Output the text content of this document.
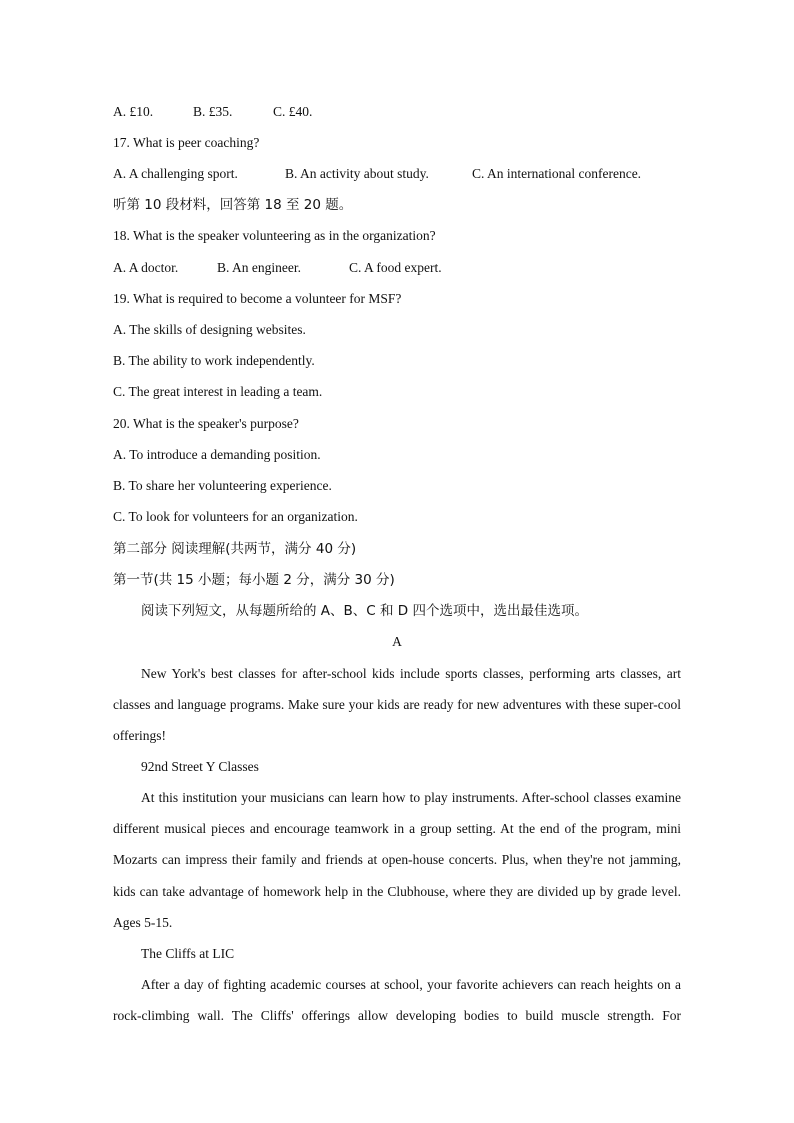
A. £10.	B. £35.	C. £40.
17. What is peer coaching?
A. A challenging sport.	B. An activity about study.	C. An international conference.
听第 10 段材料，回答第 18 至 20 题。
18. What is the speaker volunteering as in the organization?
A. A doctor.	B. An engineer.	C. A food expert.
19. What is required to become a volunteer for MSF?
A. The skills of designing websites.
B. The ability to work independently.
C. The great interest in leading a team.
20. What is the speaker's purpose?
A. To introduce a demanding position.
B. To share her volunteering experience.
C. To look for volunteers for an organization.
第二部分 阅读理解(共两节，满分 40 分)
第一节(共 15 小题；每小题 2 分，满分 30 分)
阅读下列短文，从每题所给的 A、B、C 和 D 四个选项中，选出最佳选项。
A
New York's best classes for after-school kids include sports classes, performing arts classes, art classes and language programs. Make sure your kids are ready for new adventures with these super-cool offerings!
92nd Street Y Classes
At this institution your musicians can learn how to play instruments. After-school classes examine different musical pieces and encourage teamwork in a group setting. At the end of the program, mini Mozarts can impress their family and friends at open-house concerts. Plus, when they're not jamming, kids can take advantage of homework help in the Clubhouse, where they are divided up by grade level. Ages 5-15.
The Cliffs at LIC
After a day of fighting academic courses at school, your favorite achievers can reach heights on a rock-climbing wall. The Cliffs' offerings allow developing bodies to build muscle strength. For
